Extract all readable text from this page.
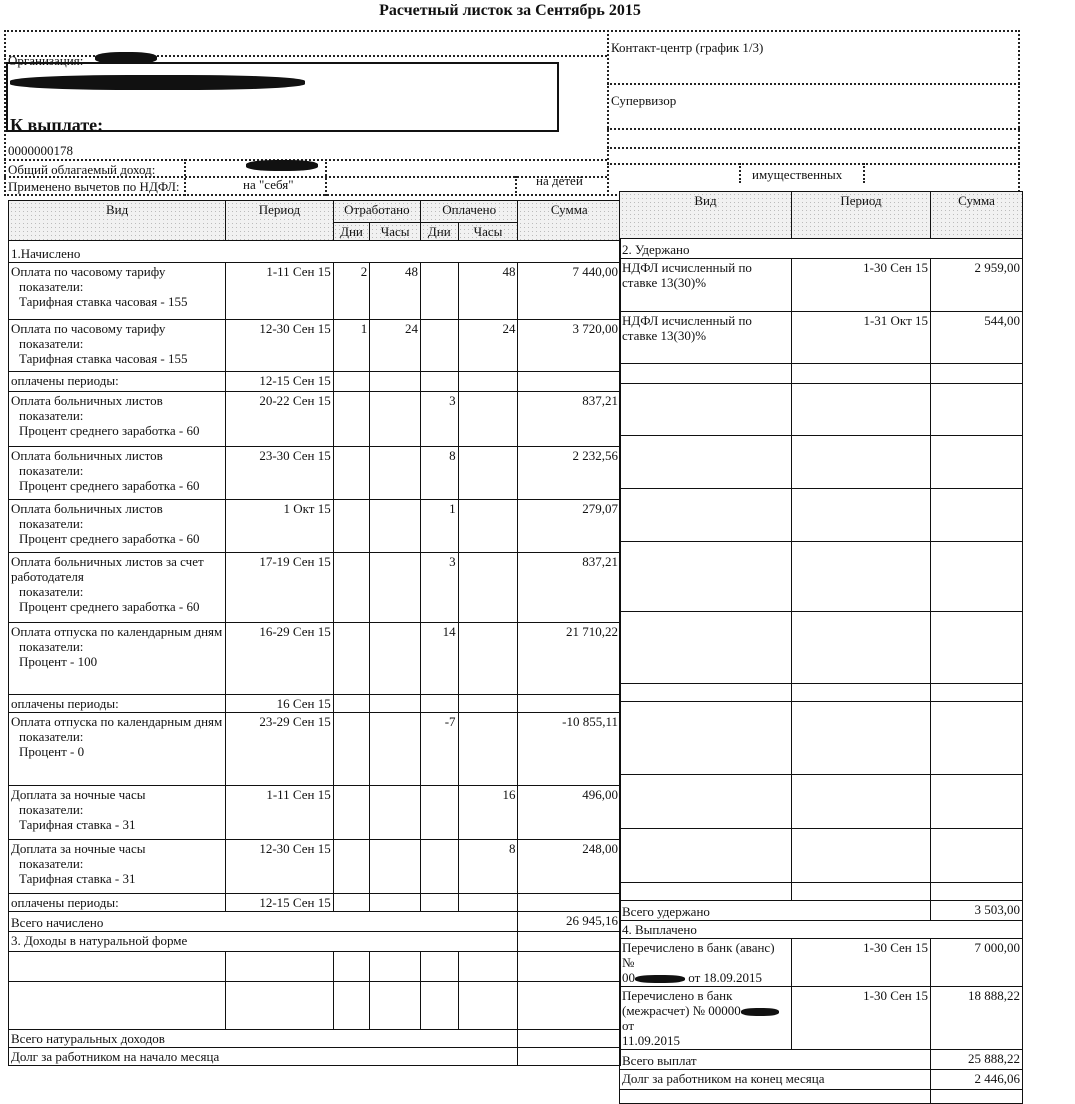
Расчетный листок за Сентябрь 2015
Организация:
К выплате:
0000000178
Общий облагаемый доход:
Применено вычетов по НДФЛ:	на "себя"	на детей	имущественных
Контакт-центр (график 1/3)
Супервизор
Вид	Период	Отработано		Оплачено		Сумма
		Дни	Часы	Дни	Часы	
1.Начислено						

Оплата по часовому тарифу
показатели:
Тарифная ставка часовая - 155	1-11 Сен 15	2	48		48	7 440,00

Оплата по часовому тарифу
показатели:
Тарифная ставка часовая - 155	12-30 Сен 15	1	24		24	3 720,00
оплачены периоды:	12-15 Сен 15					

Оплата больничных листов
показатели:
Процент среднего заработка - 60	20-22 Сен 15			3		837,21

Оплата больничных листов
показатели:
Процент среднего заработка - 60	23-30 Сен 15			8		2 232,56

Оплата больничных листов
показатели:
Процент среднего заработка - 60	1 Окт 15			1		279,07

Оплата больничных листов за счет работодателя
показатели:
Процент среднего заработка - 60	17-19 Сен 15			3		837,21

Оплата отпуска по календарным дням
показатели:
Процент - 100	16-29 Сен 15			14		21 710,22
оплачены периоды:	16 Сен 15					

Оплата отпуска по календарным дням
показатели:
Процент - 0	23-29 Сен 15			-7		-10 855,11

Доплата за ночные часы
показатели:
Тарифная ставка - 31	1-11 Сен 15				16	496,00

Доплата за ночные часы
показатели:
Тарифная ставка - 31	12-30 Сен 15				8	248,00
оплачены периоды:	12-15 Сен 15					
Всего начислено						26 945,16
3. Доходы в натуральной форме						

Всего натуральных доходов						
Долг за работником на начало месяца						
Вид	Период	Сумма
2. Удержано		
НДФЛ исчисленный по ставке 13(30)%	1-30 Сен 15	2 959,00
НДФЛ исчисленный по ставке 13(30)%	1-31 Окт 15	544,00

Всего удержано		3 503,00
4. Выплачено		
Перечислено в банк (аванс) №
00 от 18.09.2015	1-30 Сен 15	7 000,00
Перечислено в банк
(межрасчет) № 00000от
11.09.2015	1-30 Сен 15	18 888,22
Всего выплат		25 888,22
Долг за работником на конец месяца		2 446,06
